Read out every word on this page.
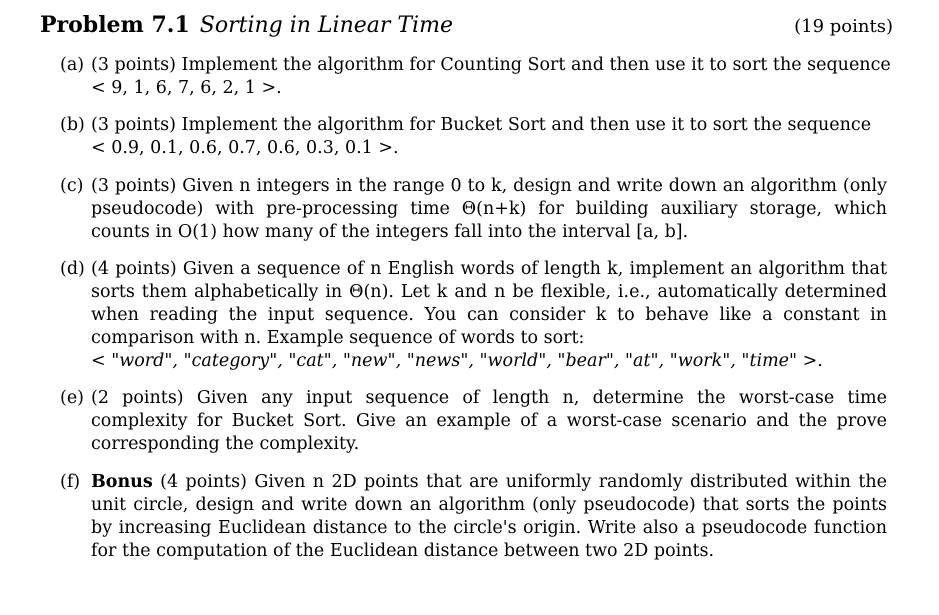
Problem 7.1 Sorting in Linear Time	(19 points)
(a) (3 points) Implement the algorithm for Counting Sort and then use it to sort the sequence
< 9, 1, 6, 7, 6, 2, 1 >.
(b) (3 points) Implement the algorithm for Bucket Sort and then use it to sort the sequence
< 0.9, 0.1, 0.6, 0.7, 0.6, 0.3, 0.1 >.
(c) (3 points) Given n integers in the range 0 to k, design and write down an algorithm (only pseudocode) with pre-processing time Θ(n+k) for building auxiliary storage, which counts in O(1) how many of the integers fall into the interval [a, b].
(d) (4 points) Given a sequence of n English words of length k, implement an algorithm that sorts them alphabetically in Θ(n). Let k and n be flexible, i.e., automatically determined when reading the input sequence. You can consider k to behave like a constant in comparison with n. Example sequence of words to sort:
< "word", "category", "cat", "new", "news", "world", "bear", "at", "work", "time" >.
(e) (2 points) Given any input sequence of length n, determine the worst-case time complexity for Bucket Sort. Give an example of a worst-case scenario and the prove corresponding the complexity.
(f) Bonus (4 points) Given n 2D points that are uniformly randomly distributed within the unit circle, design and write down an algorithm (only pseudocode) that sorts the points by increasing Euclidean distance to the circle's origin. Write also a pseudocode function for the computation of the Euclidean distance between two 2D points.
